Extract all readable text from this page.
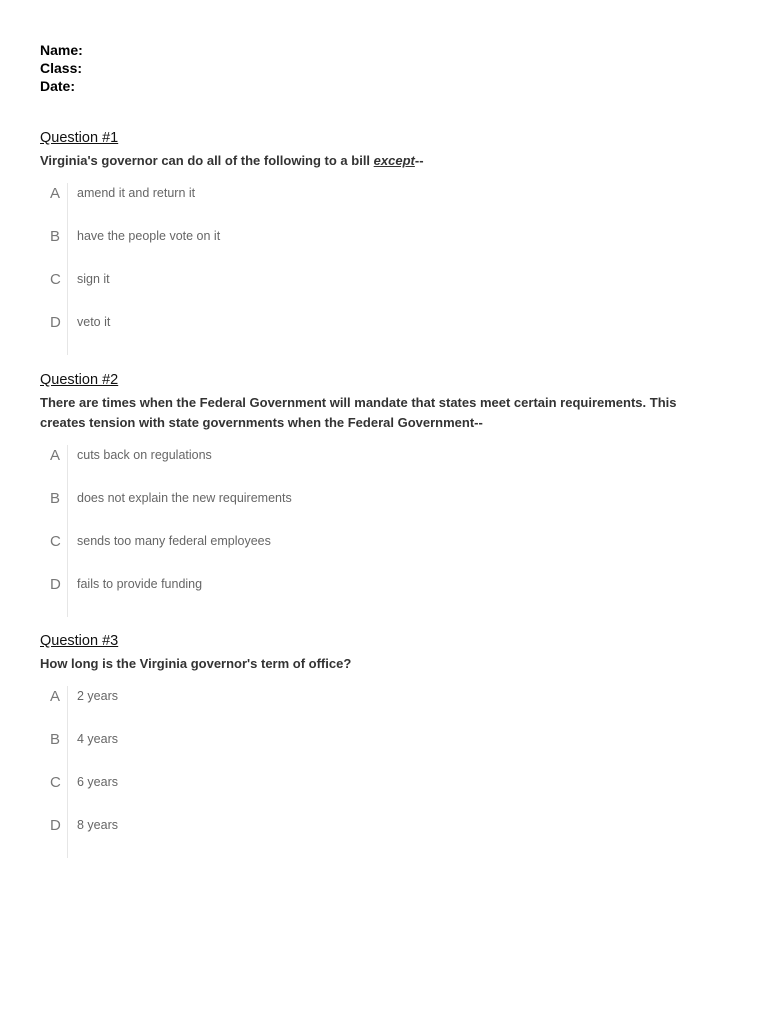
Name:
Class:
Date:
Question #1
Virginia's governor can do all of the following to a bill except--
A	amend it and return it
B	have the people vote on it
C sign it
D veto it
Question #2
There are times when the Federal Government will mandate that states meet certain requirements. This creates tension with state governments when the Federal Government--
A	cuts back on regulations
B	does not explain the new requirements
C sends too many federal employees
D fails to provide funding
Question #3
How long is the Virginia governor's term of office?
A	2 years
B	4 years
C 6 years
D 8 years
